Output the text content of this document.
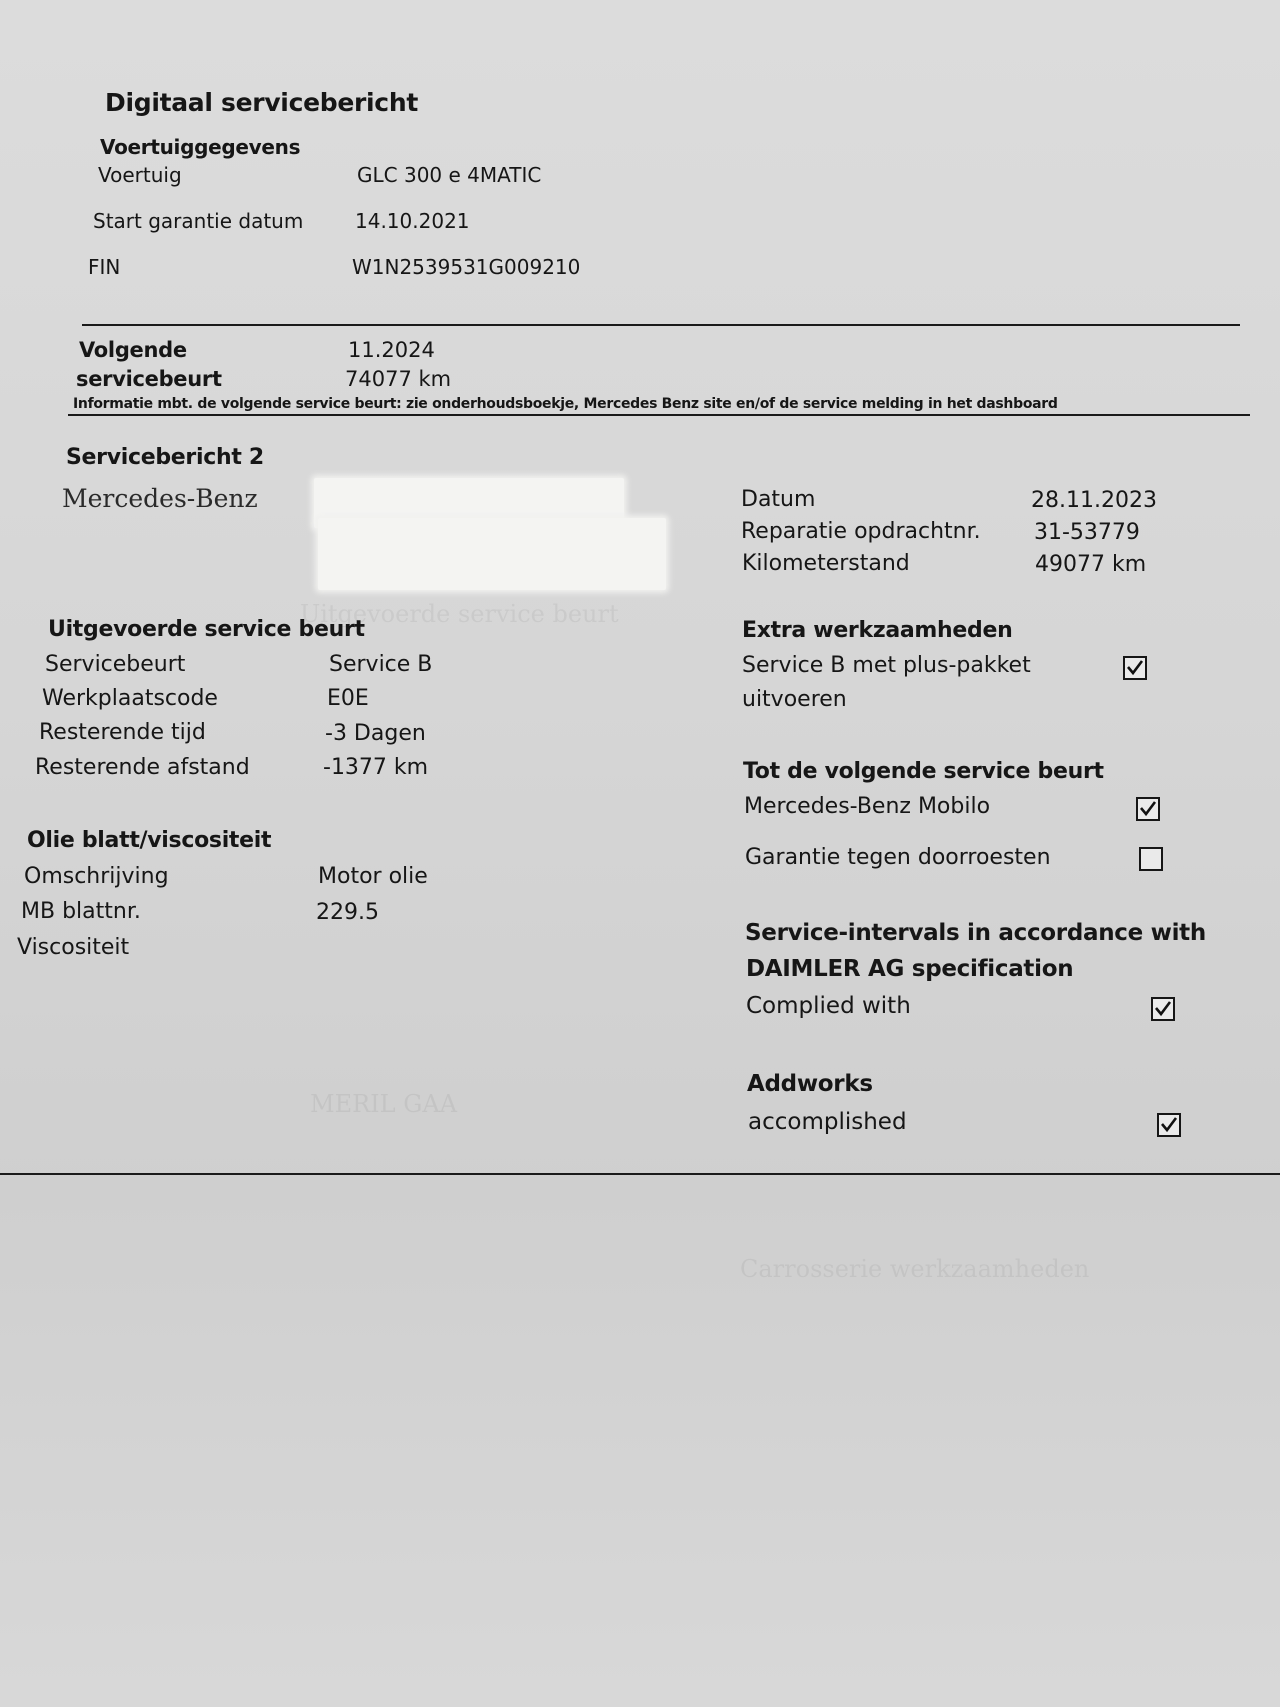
Uitgevoerde service beurt
MERIL GAA
Carrosserie werkzaamheden
Digitaal servicebericht
Voertuiggegevens
Voertuig	GLC 300 e 4MATIC
Start garantie datum	14.10.2021
FIN	W1N2539531G009210
Volgende
servicebeurt
11.2024
74077 km
Informatie mbt. de volgende service beurt: zie onderhoudsboekje, Mercedes Benz site en/of de service melding in het dashboard
Servicebericht 2
Mercedes-Benz	Datum	28.11.2023
Reparatie opdrachtnr. 31-53779
Kilometerstand	49077 km
Uitgevoerde service beurt
Servicebeurt	Service B
Werkplaatscode	E0E
Resterende tijd	-3 Dagen
Resterende afstand	-1377 km
Olie blatt/viscositeit
Omschrijving	Motor olie
MB blattnr.	229.5
Viscositeit
Extra werkzaamheden
Service B met plus-pakket
uitvoeren
Tot de volgende service beurt
Mercedes-Benz Mobilo
Garantie tegen doorroesten
Service-intervals in accordance with
DAIMLER AG specification
Complied with
Addworks
accomplished
